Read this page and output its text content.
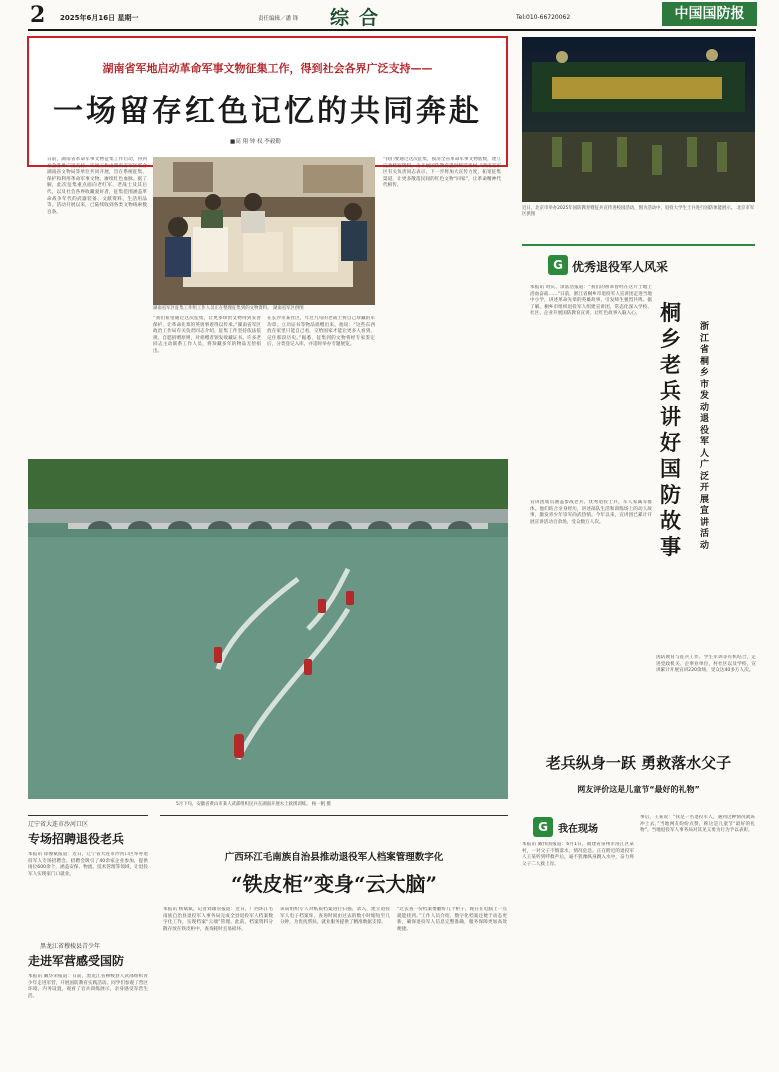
2 2025年6月16日 星期一	责任编辑／潘 锋 综合	Tel:010-66720062	中国国防报
湖南省军地启动革命军事文物征集工作，得到社会各界广泛支持——
一场留存红色记忆的共同奔赴
■高 翔 钟 权 李毅勤
日前，湖南省革命军事文物征集工作启动，得到社会各界广泛支持。该项工作由湖南省军区联合湖南省文物局等单位共同开展，旨在系统征集、保护和利用革命军事文物，赓续红色血脉。据了解，此次征集重点面向老红军、老战士及其后代，以及社会各界收藏爱好者，征集范围涵盖革命战争年代的武器装备、文献资料、生活用品等。活动开展以来，已陆续收到各类文物线索数百条。
湖南省军区征集工作组工作人员正在整理征集到的文物资料。 湖南省军区供图
“我们希望通过这次征集，让更多珍贵文物得到妥善保护，让革命先辈的英勇事迹得以传承。”湖南省军区政治工作局有关负责同志介绍，征集工作坚持依法依规、自愿捐赠原则，对捐赠者颁发收藏证书。许多老同志主动联系工作人员，将珍藏多年的物品无偿捐出。
在长沙市某社区，年过九旬的老战士将自己珍藏的军功章、立功证书等物品捐赠出来。他说：“这些东西放在家里只能自己看，交给国家才能让更多人看到，记住那段历史。”据悉，征集到的文物将经专家鉴定后，分类登记入库，并适时举办专题展览。
“我们要通过这次征集，摸清全省革命军事文物底数，建立完善档案资料，为开展国防教育提供鲜活素材。”湖南省军区有关负责同志表示，下一步将加大宣传力度，拓宽征集渠道，让更多散落民间的红色文物“回家”，让革命精神代代相传。
近日，北京市举办2025年国防教育暨征兵宣传进校园活动，图为活动中，退役大学生士兵进行国防体能展示。 北京市军区供图
G 优秀退役军人风采
桐乡老兵讲好国防故事
浙江省桐乡市发动退役军人广泛开展宣讲活动
本报讯 时庆、余富浩报道：“我们的祖辈曾经在这片土地上浴血奋战……”日前，浙江省桐乡市退役军人宣讲团走进当地中小学，讲述革命先辈的英雄故事，引发师生强烈共鸣。据了解，桐乡市组织退役军人组建宣讲团，常态化深入学校、社区、企业开展国防教育宣讲，让红色故事入脑入心。
宣讲团成员涵盖参战老兵、优秀退役士兵、军人家属等群体。他们结合亲身经历，讲述部队生活和训练场上的动人故事，激发青少年崇军尚武热情。今年以来，宣讲团已累计开展宣讲活动百余场，受众数万人次。
国防教育与征兵工作、学生军训等有机结合，走进党政机关、企事业单位、村社区以及学校，宣讲累计开展宣讲220余场，受众达40多万人次。
5月下旬，安徽省黄山市某人武部组织民兵在湖面开展水上救援训练。 杨一帆 摄
辽宁省大连市沙河口区
专场招聘退役老兵
本报讯 徐俊斌报道：近日，辽宁省大连市沙河口区举办退役军人专场招聘会。招聘会吸引了40余家企业参加，提供岗位600余个，涵盖安保、物流、技术管理等领域，让退役军人实现家门口就业。
黑龙江省穆棱县青少年
走进军营感受国防
本报讯 戴华荣报道：日前，黑龙江省穆棱县人武部组织青少年走进军营，开展国防教育实践活动。同学们参观了营区环境、内务设置，观看了官兵训练展示，亲身感受军营生活。
广西环江毛南族自治县推动退役军人档案管理数字化
“铁皮柜”变身“云大脑”
本报讯 杨斌斌、记者刘雄崇报道：近日，广西环江毛南族自治县退役军人事务局完成全县退役军人档案数字化工作，实现档案“云端”管理。此前，档案资料分散存放在铁皮柜中，查询耗时且易损坏。
该局组织专人对纸质档案进行扫描、录入，建立退役军人电子档案库，查询时间由过去的数小时缩短至几分钟，为优抚帮扶、就业服务提供了精准数据支撑。
“过去查一份档案要翻好几个柜子，现在在电脑上一点就能找到。”工作人员介绍，数字化档案还便于动态更新，确保退役军人信息完整准确，服务保障更加高效便捷。
老兵纵身一跃 勇救落水父子
网友评价这是儿童节“最好的礼物”
G	我在现场
本报讯 戴伟国报道：6月1日，福建省泉州市洛江区某村，一对父子不慎落水，情况危急。正在附近的退役军人王某听到呼救声后，毫不犹豫纵身跳入水中，奋力将父子二人救上岸。
事后，王某说：“我是一名退役军人，遇到这种情况就该冲上去。”当地网友纷纷点赞，称这是儿童节“最好的礼物”。当地退役军人事务局对其见义勇为行为予以表彰。
